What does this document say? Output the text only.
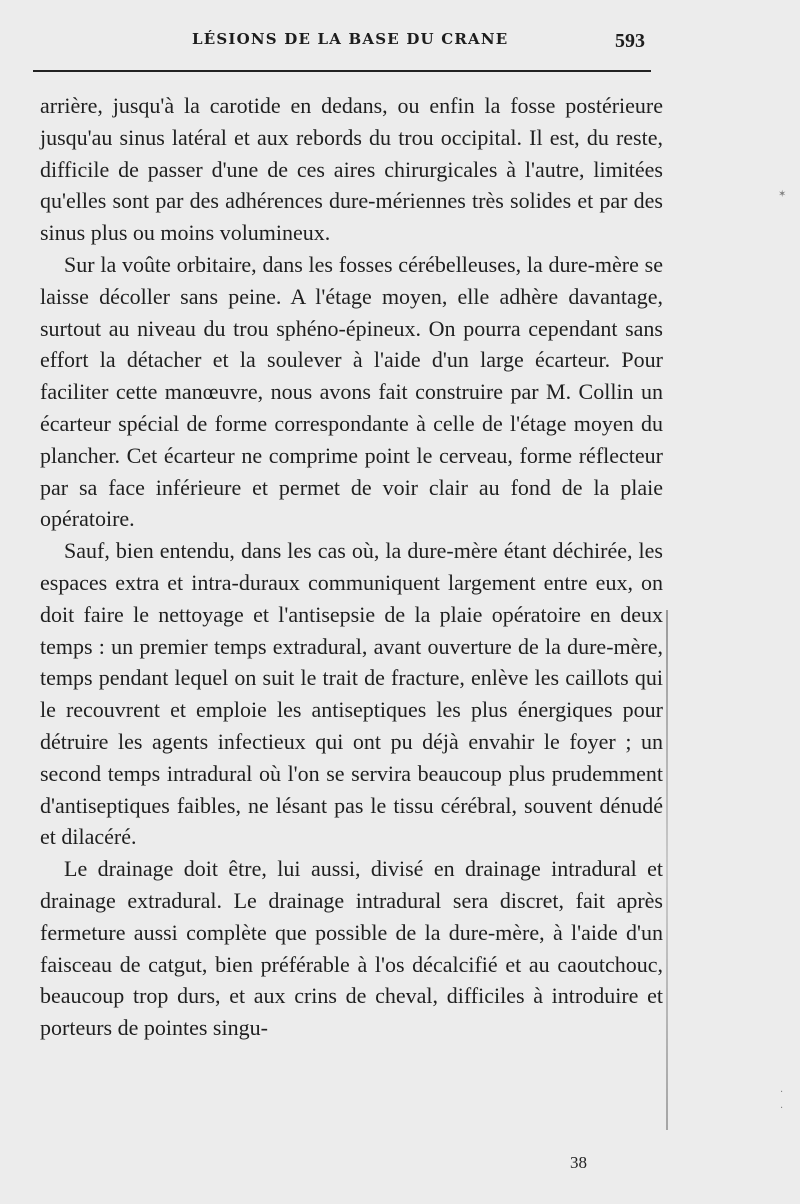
LÉSIONS DE LA BASE DU CRANE	593

arrière, jusqu'à la carotide en dedans, ou enfin la fosse postérieure jusqu'au sinus latéral et aux rebords du trou occipital. Il est, du reste, difficile de passer d'une de ces aires chirurgicales à l'autre, limitées qu'elles sont par des adhérences dure-mériennes très solides et par des sinus plus ou moins volumineux.

Sur la voûte orbitaire, dans les fosses cérébelleuses, la dure-mère se laisse décoller sans peine. A l'étage moyen, elle adhère davantage, surtout au niveau du trou sphéno-épineux. On pourra cependant sans effort la détacher et la soulever à l'aide d'un large écarteur. Pour faciliter cette manœuvre, nous avons fait construire par M. Collin un écarteur spécial de forme correspondante à celle de l'étage moyen du plancher. Cet écarteur ne comprime point le cerveau, forme réflecteur par sa face inférieure et permet de voir clair au fond de la plaie opératoire.

Sauf, bien entendu, dans les cas où, la dure-mère étant déchirée, les espaces extra et intra-duraux communiquent largement entre eux, on doit faire le nettoyage et l'antisepsie de la plaie opératoire en deux temps : un premier temps extradural, avant ouverture de la dure-mère, temps pendant lequel on suit le trait de fracture, enlève les caillots qui le recouvrent et emploie les antiseptiques les plus énergiques pour détruire les agents infectieux qui ont pu déjà envahir le foyer ; un second temps intradural où l'on se servira beaucoup plus prudemment d'antiseptiques faibles, ne lésant pas le tissu cérébral, souvent dénudé et dilacéré.

Le drainage doit être, lui aussi, divisé en drainage intradural et drainage extradural. Le drainage intradural sera discret, fait après fermeture aussi complète que possible de la dure-mère, à l'aide d'un faisceau de catgut, bien préférable à l'os décalcifié et au caoutchouc, beaucoup trop durs, et aux crins de cheval, difficiles à introduire et porteurs de pointes singu-

38
✶
·
·
